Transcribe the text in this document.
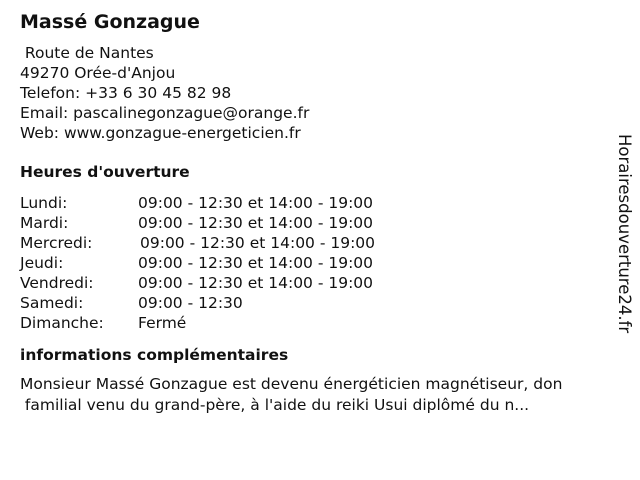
Massé Gonzague
Route de Nantes
49270 Orée-d'Anjou
Telefon: +33 6 30 45 82 98
Email: pascalinegonzague@orange.fr
Web: www.gonzague-energeticien.fr
Heures d'ouverture
Lundi:	09:00 - 12:30 et 14:00 - 19:00
Mardi:	09:00 - 12:30 et 14:00 - 19:00
Mercredi:	09:00 - 12:30 et 14:00 - 19:00
Jeudi:	09:00 - 12:30 et 14:00 - 19:00
Vendredi:	09:00 - 12:30 et 14:00 - 19:00
Samedi:	09:00 - 12:30
Dimanche: Fermé
informations complémentaires
Monsieur Massé Gonzague est devenu énergéticien magnétiseur, don
familial venu du grand-père, à l'aide du reiki Usui diplômé du n...
Horairesdouverture24.fr
